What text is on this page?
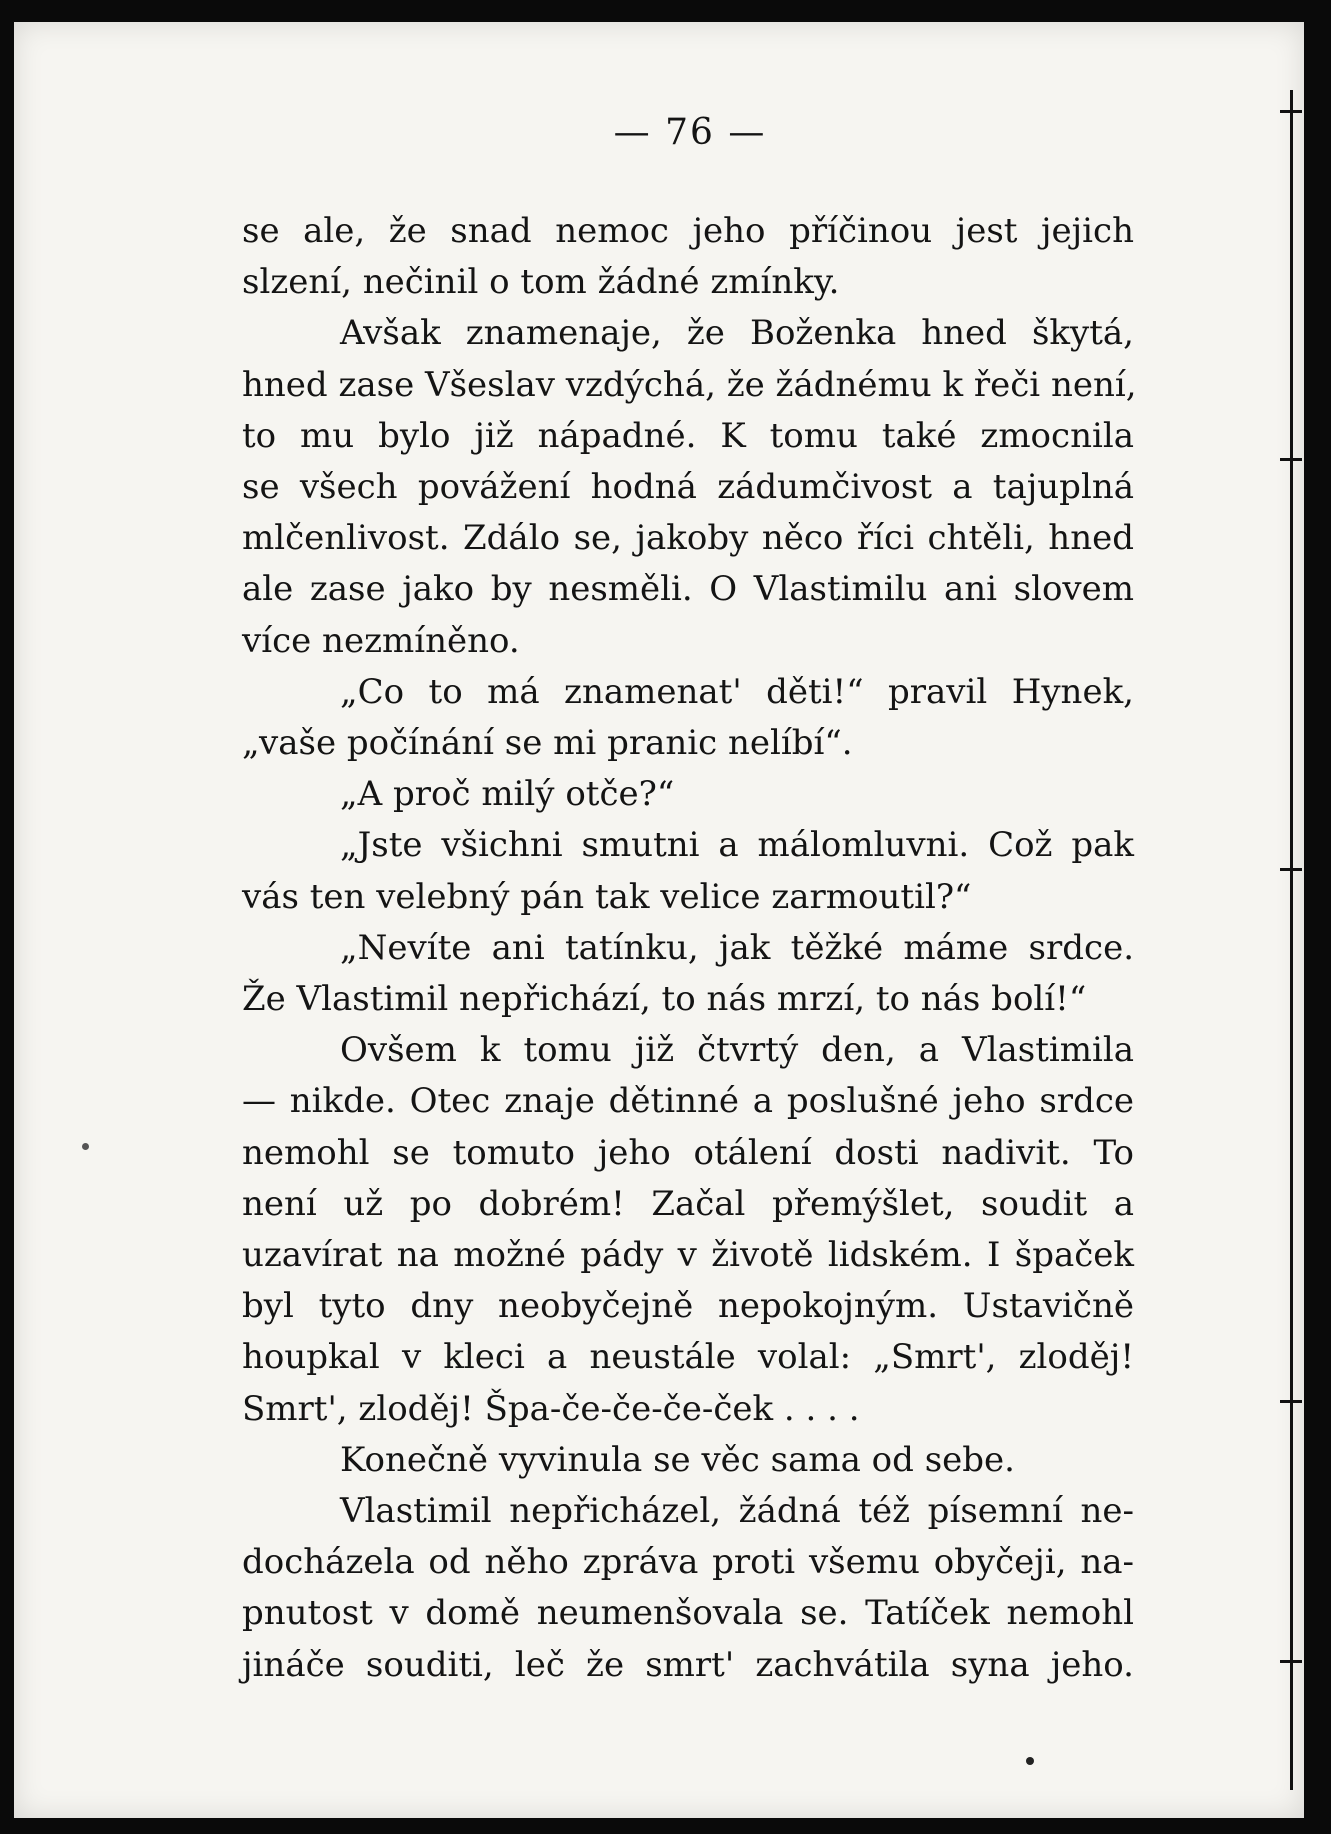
— 76 —
se ale, že snad nemoc jeho příčinou jest jejich
slzení, nečinil o tom žádné zmínky.
Avšak znamenaje, že Boženka hned škytá,
hned zase Všeslav vzdýchá, že žádnému k řeči není,
to mu bylo již nápadné. K tomu také zmocnila
se všech povážení hodná zádumčivost a tajuplná
mlčenlivost. Zdálo se, jakoby něco říci chtěli, hned
ale zase jako by nesměli. O Vlastimilu ani slovem
více nezmíněno.
„Co to má znamenat' děti!“ pravil Hynek,
„vaše počínání se mi pranic nelíbí“.
„A proč milý otče?“
„Jste všichni smutni a málomluvni. Což pak
vás ten velebný pán tak velice zarmoutil?“
„Nevíte ani tatínku, jak těžké máme srdce.
Že Vlastimil nepřichází, to nás mrzí, to nás bolí!“
Ovšem k tomu již čtvrtý den, a Vlastimila
— nikde. Otec znaje dětinné a poslušné jeho srdce
nemohl se tomuto jeho otálení dosti nadivit. To
není už po dobrém! Začal přemýšlet, soudit a
uzavírat na možné pády v životě lidském. I špaček
byl tyto dny neobyčejně nepokojným. Ustavičně
houpkal v kleci a neustále volal: „Smrt', zloděj!
Smrt', zloděj! Špa-če-če-če-ček . . . .
Konečně vyvinula se věc sama od sebe.
Vlastimil nepřicházel, žádná též písemní ne-
docházela od něho zpráva proti všemu obyčeji, na-
pnutost v domě neumenšovala se. Tatíček nemohl
jináče souditi, leč že smrt' zachvátila syna jeho.
